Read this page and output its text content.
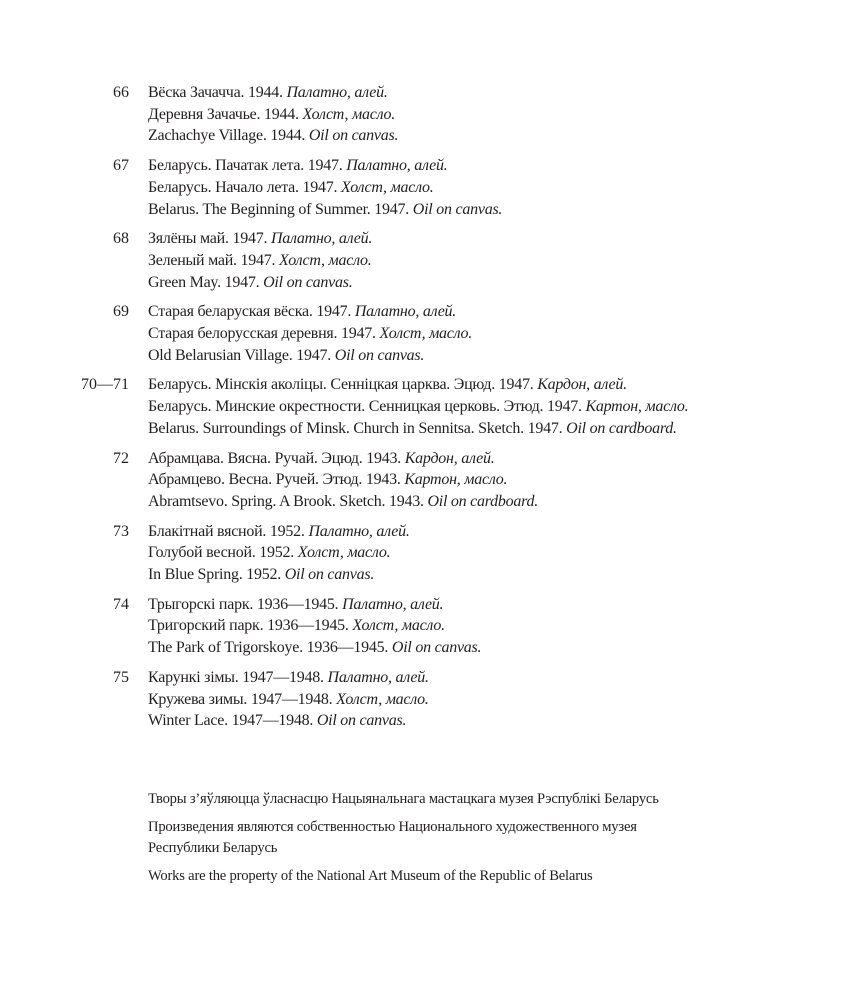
66 Вёска Зачачча. 1944. Палатно, алей.
Деревня Зачачье. 1944. Холст, масло.
Zachachye Village. 1944. Oil on canvas.
67 Беларусь. Пачатак лета. 1947. Палатно, алей.
Беларусь. Начало лета. 1947. Холст, масло.
Belarus. The Beginning of Summer. 1947. Oil on canvas.
68 Зялёны май. 1947. Палатно, алей.
Зеленый май. 1947. Холст, масло.
Green May. 1947. Oil on canvas.
69 Старая беларуская вёска. 1947. Палатно, алей.
Старая белорусская деревня. 1947. Холст, масло.
Old Belarusian Village. 1947. Oil on canvas.
70—71 Беларусь. Мінскія аколіцы. Сенніцкая царква. Эцюд. 1947. Кардон, алей.
Беларусь. Минские окрестности. Сенницкая церковь. Этюд. 1947. Картон, масло.
Belarus. Surroundings of Minsk. Church in Sennitsa. Sketch. 1947. Oil on cardboard.
72 Абрамцава. Вясна. Ручай. Эцюд. 1943. Кардон, алей.
Абрамцево. Весна. Ручей. Этюд. 1943. Картон, масло.
Abramtsevo. Spring. A Brook. Sketch. 1943. Oil on cardboard.
73 Блакітнай вясной. 1952. Палатно, алей.
Голубой весной. 1952. Холст, масло.
In Blue Spring. 1952. Oil on canvas.
74 Трыгорскі парк. 1936—1945. Палатно, алей.
Тригорский парк. 1936—1945. Холст, масло.
The Park of Trigorskoye. 1936—1945. Oil on canvas.
75 Карункі зімы. 1947—1948. Палатно, алей.
Кружева зимы. 1947—1948. Холст, масло.
Winter Lace. 1947—1948. Oil on canvas.
Творы з’яўляюцца ўласнасцю Нацыянальнага мастацкага музея Рэспублікі Беларусь
Произведения являются собственностью Национального художественного музея
Республики Беларусь
Works are the property of the National Art Museum of the Republic of Belarus
